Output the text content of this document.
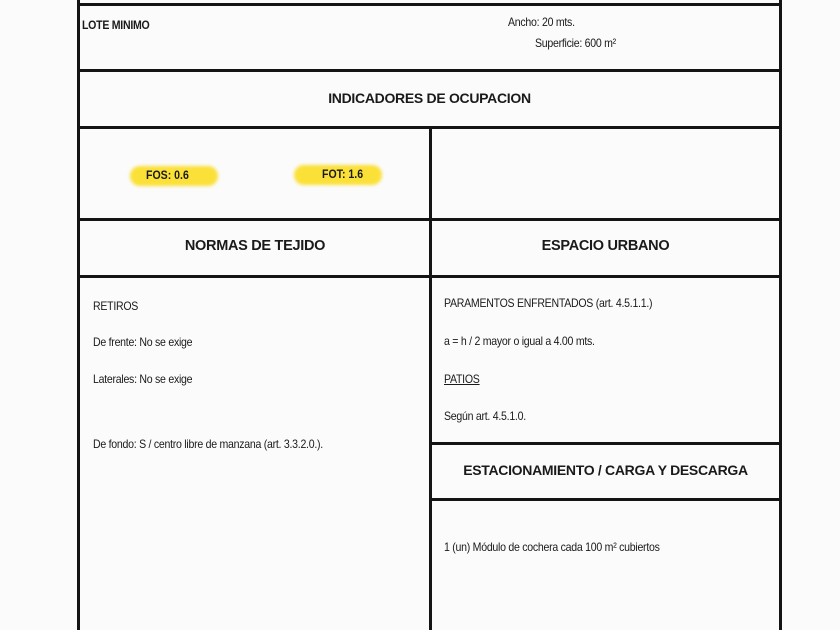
LOTE MINIMO	Ancho: 20 mts.
Superficie: 600 m²
INDICADORES DE OCUPACION
FOS: 0.6	FOT: 1.6
NORMAS DE TEJIDO	ESPACIO URBANO
RETIROS
De frente: No se exige
Laterales: No se exige
De fondo: S / centro libre de manzana (art. 3.3.2.0.).
PARAMENTOS ENFRENTADOS (art. 4.5.1.1.)
a = h / 2 mayor o igual a 4.00 mts.
PATIOS
Según art. 4.5.1.0.
ESTACIONAMIENTO / CARGA Y DESCARGA
1 (un) Módulo de cochera cada 100 m² cubiertos
